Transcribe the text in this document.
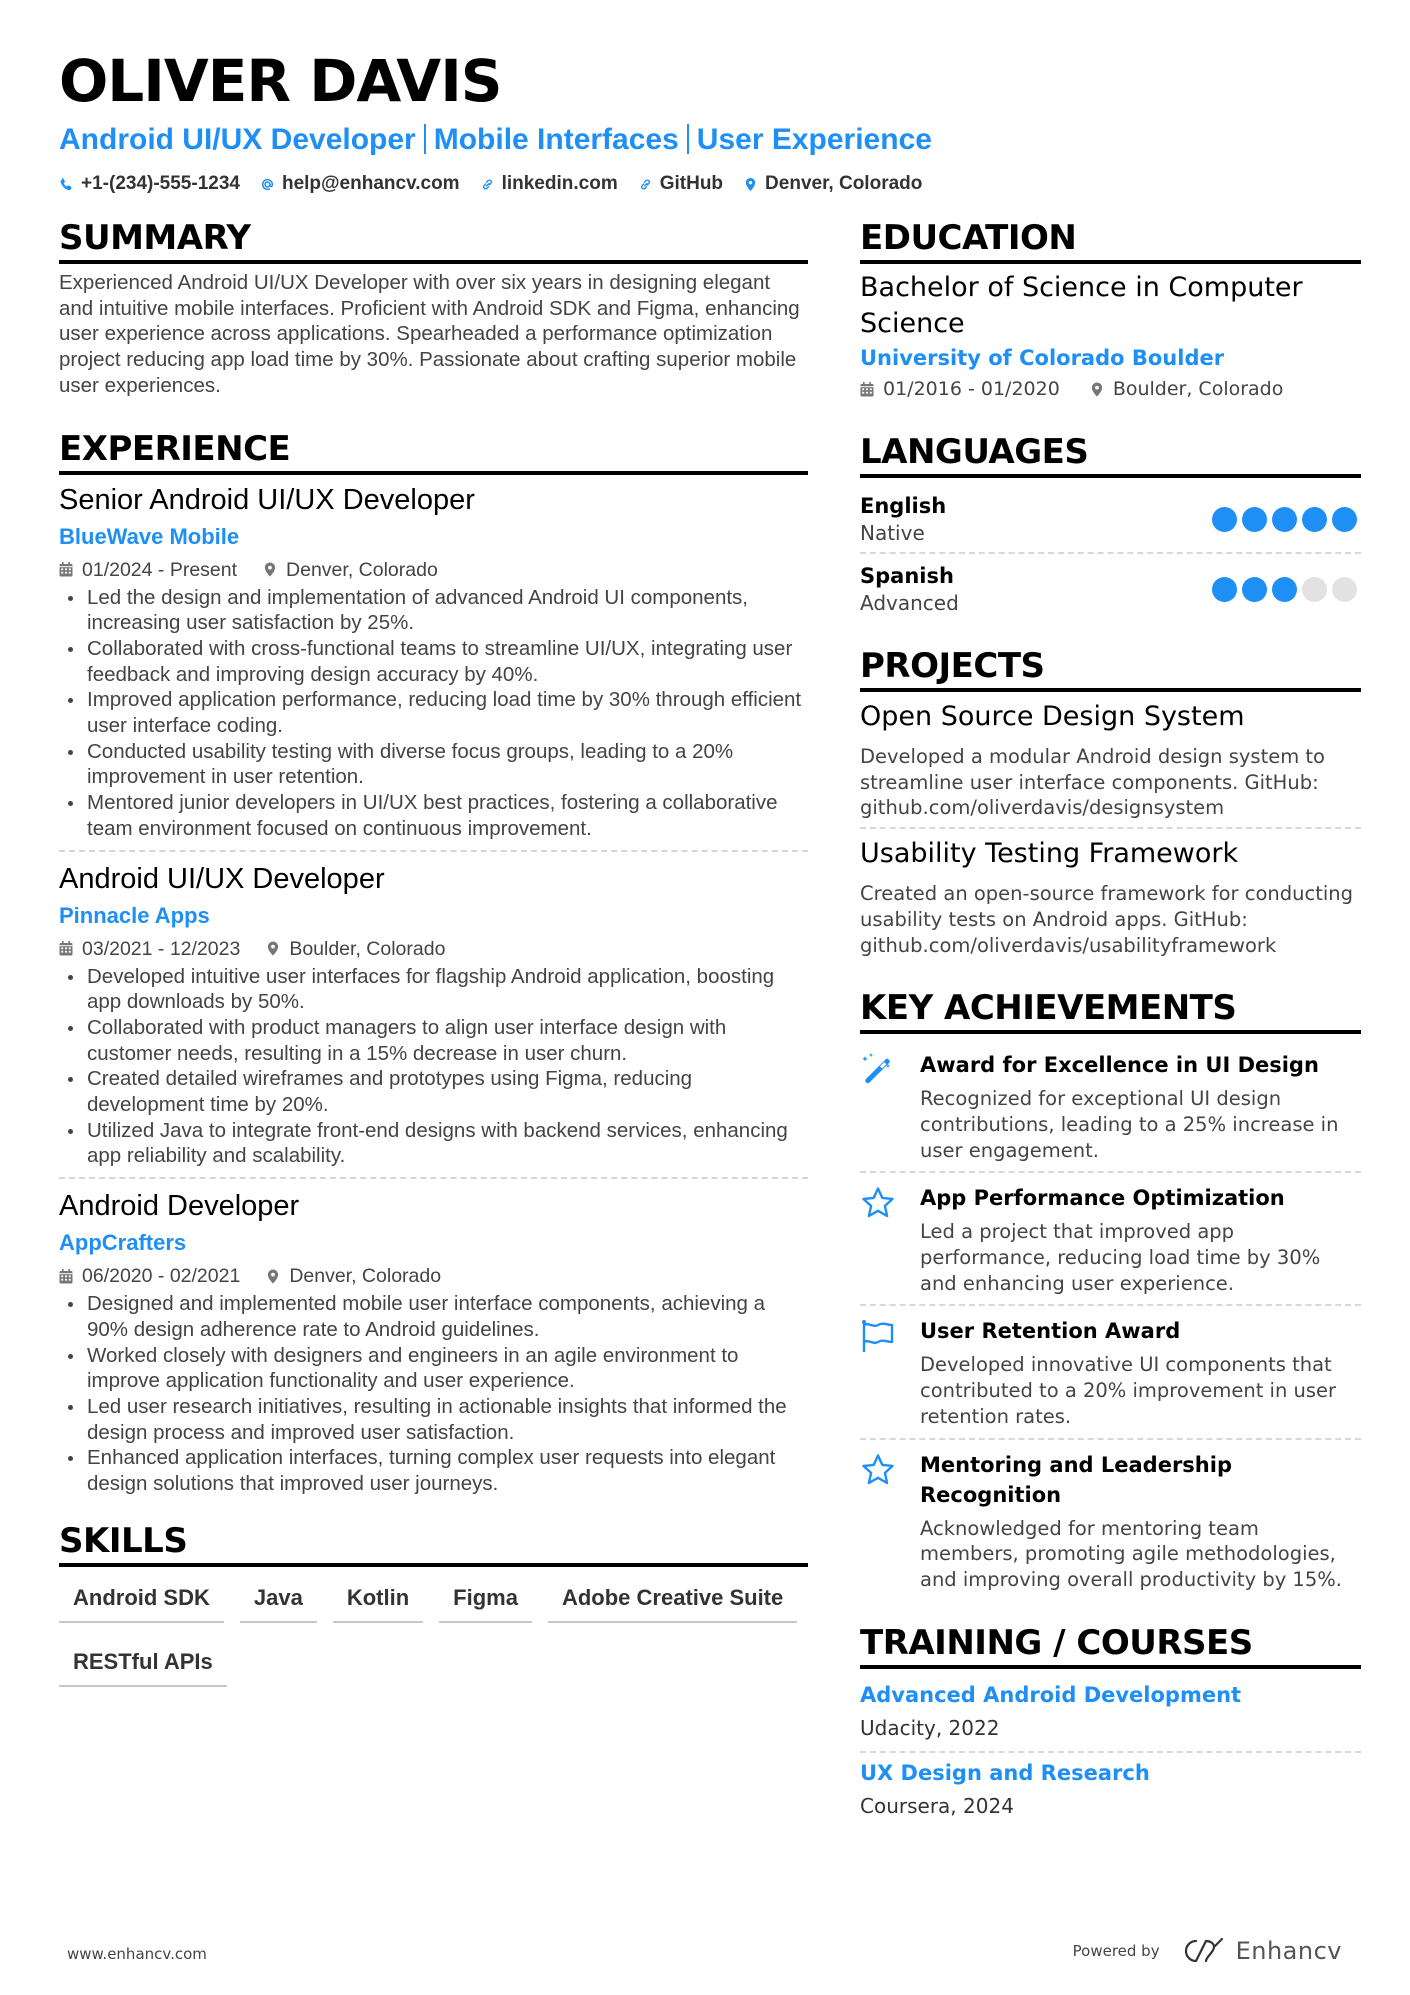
OLIVER DAVIS
Android UI/UX Developer Mobile Interfaces User Experience
+1-(234)-555-1234 help@enhancv.com linkedin.com GitHub Denver, Colorado
SUMMARY
Experienced Android UI/UX Developer with over six years in designing elegant and intuitive mobile interfaces. Proficient with Android SDK and Figma, enhancing user experience across applications. Spearheaded a performance optimization project reducing app load time by 30%. Passionate about crafting superior mobile user experiences.
EXPERIENCE
Senior Android UI/UX Developer
BlueWave Mobile
01/2024 - Present	Denver, Colorado
Led the design and implementation of advanced Android UI components, increasing user satisfaction by 25%.
Collaborated with cross-functional teams to streamline UI/UX, integrating user feedback and improving design accuracy by 40%.
Improved application performance, reducing load time by 30% through efficient user interface coding.
Conducted usability testing with diverse focus groups, leading to a 20% improvement in user retention.
Mentored junior developers in UI/UX best practices, fostering a collaborative team environment focused on continuous improvement.
Android UI/UX Developer
Pinnacle Apps
03/2021 - 12/2023	Boulder, Colorado
Developed intuitive user interfaces for flagship Android application, boosting app downloads by 50%.
Collaborated with product managers to align user interface design with customer needs, resulting in a 15% decrease in user churn.
Created detailed wireframes and prototypes using Figma, reducing development time by 20%.
Utilized Java to integrate front-end designs with backend services, enhancing app reliability and scalability.
Android Developer
AppCrafters
06/2020 - 02/2021	Denver, Colorado
Designed and implemented mobile user interface components, achieving a 90% design adherence rate to Android guidelines.
Worked closely with designers and engineers in an agile environment to improve application functionality and user experience.
Led user research initiatives, resulting in actionable insights that informed the design process and improved user satisfaction.
Enhanced application interfaces, turning complex user requests into elegant design solutions that improved user journeys.
SKILLS
Android SDK	Java	Kotlin	Figma	Adobe Creative Suite
RESTful APIs
EDUCATION
Bachelor of Science in Computer Science
University of Colorado Boulder
01/2016 - 01/2020	Boulder, Colorado
LANGUAGES
English
Native
Spanish
Advanced
PROJECTS
Open Source Design System
Developed a modular Android design system to streamline user interface components. GitHub: github.com/oliverdavis/designsystem
Usability Testing Framework
Created an open-source framework for conducting usability tests on Android apps. GitHub: github.com/oliverdavis/usabilityframework
KEY ACHIEVEMENTS
Award for Excellence in UI Design
Recognized for exceptional UI design contributions, leading to a 25% increase in user engagement.
App Performance Optimization
Led a project that improved app performance, reducing load time by 30% and enhancing user experience.
User Retention Award
Developed innovative UI components that contributed to a 20% improvement in user retention rates.
Mentoring and Leadership Recognition
Acknowledged for mentoring team members, promoting agile methodologies, and improving overall productivity by 15%.
TRAINING / COURSES
Advanced Android Development
Udacity, 2022
UX Design and Research
Coursera, 2024
www.enhancv.com	Powered by	Enhancv
